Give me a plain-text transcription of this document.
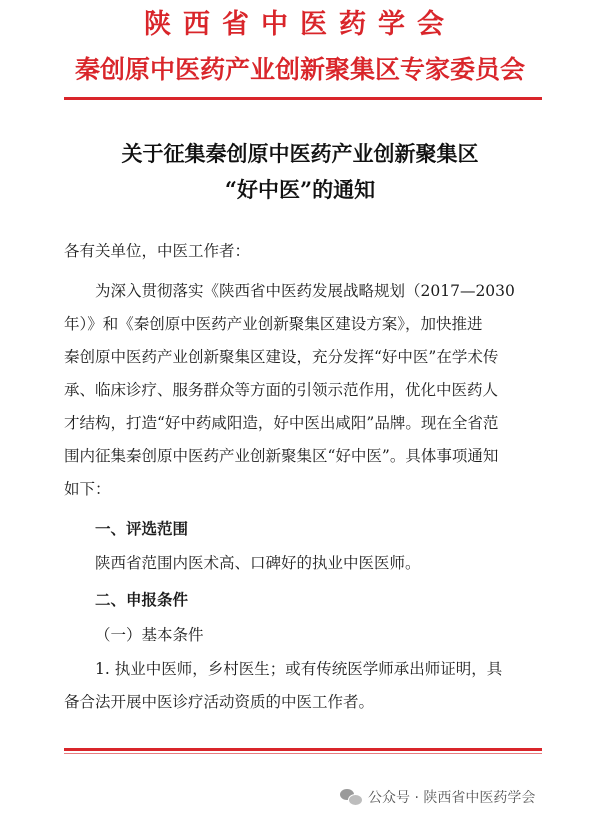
陕西省中医药学会
秦创原中医药产业创新聚集区专家委员会
关于征集秦创原中医药产业创新聚集区
“好中医”的通知
各有关单位，中医工作者：
为深入贯彻落实《陕西省中医药发展战略规划（2017—2030
年）》和《秦创原中医药产业创新聚集区建设方案》，加快推进
秦创原中医药产业创新聚集区建设，充分发挥“好中医”在学术传
承、临床诊疗、服务群众等方面的引领示范作用，优化中医药人
才结构，打造“好中药咸阳造，好中医出咸阳”品牌。现在全省范
围内征集秦创原中医药产业创新聚集区“好中医”。具体事项通知
如下：
一、评选范围
陕西省范围内医术高、口碑好的执业中医医师。
二、申报条件
（一）基本条件
1. 执业中医师，乡村医生；或有传统医学师承出师证明，具
备合法开展中医诊疗活动资质的中医工作者。
公众号 · 陕西省中医药学会
